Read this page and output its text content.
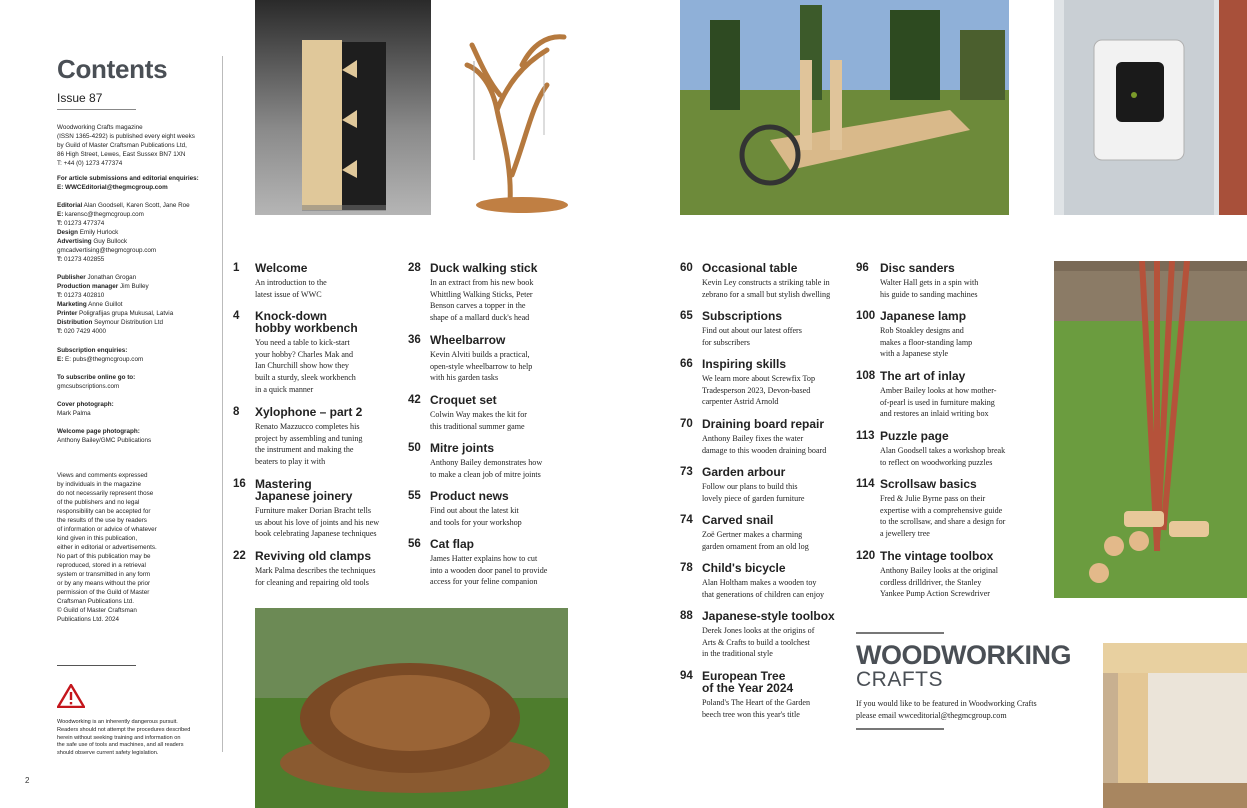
Contents
Issue 87
Woodworking Crafts magazine
(ISSN 1365-4292) is published every eight weeks
by Guild of Master Craftsman Publications Ltd,
86 High Street, Lewes, East Sussex BN7 1XN
T: +44 (0) 1273 477374
For article submissions and editorial enquiries:
E: WWCEditorial@thegmcgroup.com
Editorial Alan Goodsell, Karen Scott, Jane Roe
E: karensc@thegmcgroup.com
T: 01273 477374
Design Emily Hurlock
Advertising Guy Bullock
gmcadvertising@thegmcgroup.com
T: 01273 402855
Publisher Jonathan Grogan
Production manager Jim Bulley
T: 01273 402810
Marketing Anne Guillot
Printer Poligrafijas grupa Mukusal, Latvia
Distribution Seymour Distribution Ltd
T: 020 7429 4000
Subscription enquiries:
E: E: pubs@thegmcgroup.com
To subscribe online go to:
gmcsubscriptions.com
Cover photograph:
Mark Palma
Welcome page photograph:
Anthony Bailey/GMC Publications
Views and comments expressed
by individuals in the magazine
do not necessarily represent those
of the publishers and no legal
responsibility can be accepted for
the results of the use by readers
of information or advice of whatever
kind given in this publication,
either in editorial or advertisements.
No part of this publication may be
reproduced, stored in a retrieval
system or transmitted in any form
or by any means without the prior
permission of the Guild of Master
Craftsman Publications Ltd.
© Guild of Master Craftsman
Publications Ltd. 2024
Woodworking is an inherently dangerous pursuit.
Readers should not attempt the procedures described
herein without seeking training and information on
the safe use of tools and machines, and all readers
should observe current safety legislation.
2
1 Welcome
An introduction to the
latest issue of WWC
4 Knock-down
hobby workbench
You need a table to kick-start
your hobby? Charles Mak and
Ian Churchill show how they
built a sturdy, sleek workbench
in a quick manner
8 Xylophone – part 2
Renato Mazzucco completes his
project by assembling and tuning
the instrument and making the
beaters to play it with
16 Mastering
Japanese joinery
Furniture maker Dorian Bracht tells
us about his love of joints and his new
book celebrating Japanese techniques
22 Reviving old clamps
Mark Palma describes the techniques
for cleaning and repairing old tools
28 Duck walking stick
In an extract from his new book
Whittling Walking Sticks, Peter
Benson carves a topper in the
shape of a mallard duck's head
36 Wheelbarrow
Kevin Alviti builds a practical,
open-style wheelbarrow to help
with his garden tasks
42 Croquet set
Colwin Way makes the kit for
this traditional summer game
50 Mitre joints
Anthony Bailey demonstrates how
to make a clean job of mitre joints
55 Product news
Find out about the latest kit
and tools for your workshop
56 Cat flap
James Hatter explains how to cut
into a wooden door panel to provide
access for your feline companion
60 Occasional table
Kevin Ley constructs a striking table in
zebrano for a small but stylish dwelling
65 Subscriptions
Find out about our latest offers
for subscribers
66 Inspiring skills
We learn more about Screwfix Top
Tradesperson 2023, Devon-based
carpenter Astrid Arnold
70 Draining board repair
Anthony Bailey fixes the water
damage to this wooden draining board
73 Garden arbour
Follow our plans to build this
lovely piece of garden furniture
74 Carved snail
Zoë Gertner makes a charming
garden ornament from an old log
78 Child's bicycle
Alan Holtham makes a wooden toy
that generations of children can enjoy
88 Japanese-style toolbox
Derek Jones looks at the origins of
Arts & Crafts to build a toolchest
in the traditional style
94 European Tree
of the Year 2024
Poland's The Heart of the Garden
beech tree won this year's title
96 Disc sanders
Walter Hall gets in a spin with
his guide to sanding machines
100 Japanese lamp
Rob Stoakley designs and
makes a floor-standing lamp
with a Japanese style
108 The art of inlay
Amber Bailey looks at how mother-
of-pearl is used in furniture making
and restores an inlaid writing box
113 Puzzle page
Alan Goodsell takes a workshop break
to reflect on woodworking puzzles
114 Scrollsaw basics
Fred & Julie Byrne pass on their
expertise with a comprehensive guide
to the scrollsaw, and share a design for
a jewellery tree
120 The vintage toolbox
Anthony Bailey looks at the original
cordless drilldriver, the Stanley
Yankee Pump Action Screwdriver
WOODWORKING
CRAFTS
If you would like to be featured in Woodworking Crafts
please email wwceditorial@thegmcgroup.com
